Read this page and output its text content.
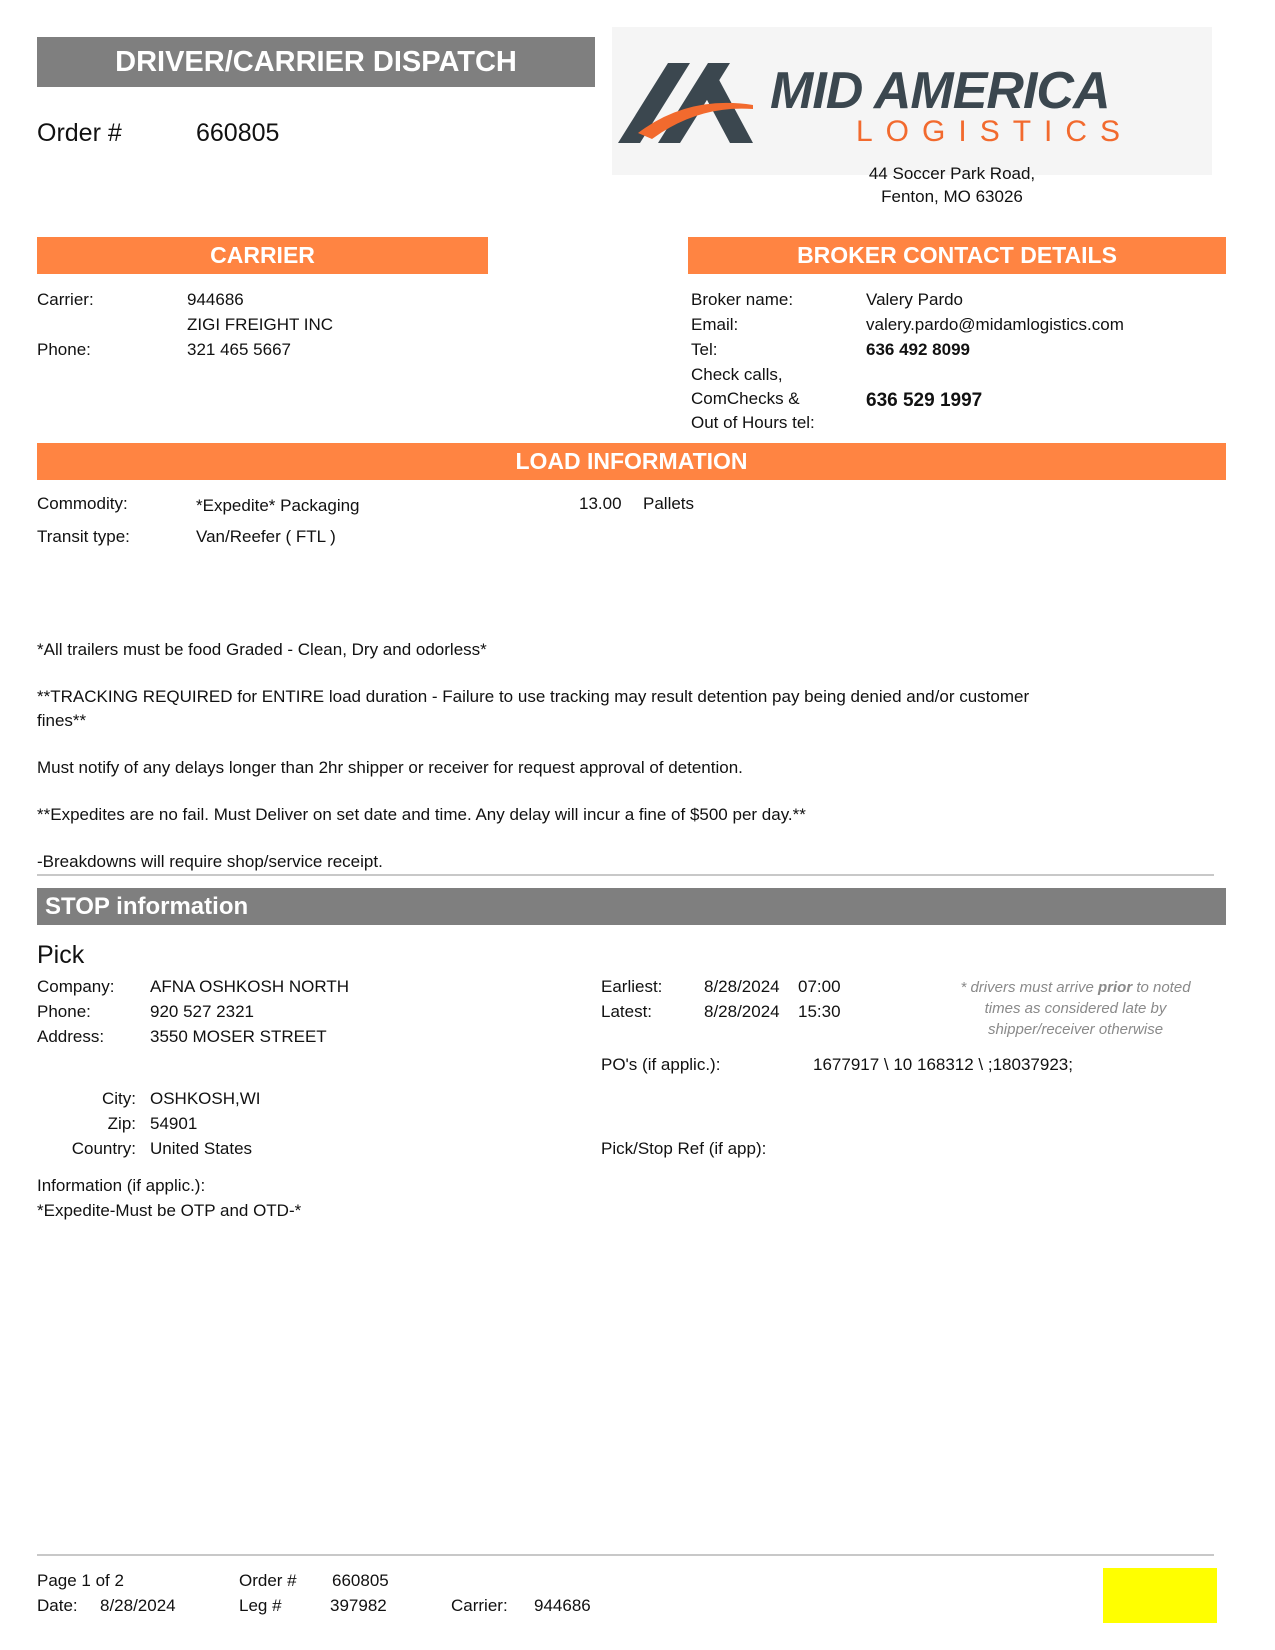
DRIVER/CARRIER DISPATCH
Order #	660805
MID AMERICA
LOGISTICS
44 Soccer Park Road,
Fenton, MO 63026
CARRIER
Carrier:	944686
ZIGI FREIGHT INC
Phone:	321 465 5667
BROKER CONTACT DETAILS
Broker name:	Valery Pardo
Email:	valery.pardo@midamlogistics.com
Tel:	636 492 8099
Check calls,
ComChecks &
Out of Hours tel:
636 529 1997
LOAD INFORMATION
Commodity:	*Expedite* Packaging	13.00 Pallets
Transit type:	Van/Reefer ( FTL )
*All trailers must be food Graded - Clean, Dry and odorless*
**TRACKING REQUIRED for ENTIRE load duration - Failure to use tracking may result detention pay being denied and/or customer fines**
Must notify of any delays longer than 2hr shipper or receiver for request approval of detention.
**Expedites are no fail. Must Deliver on set date and time. Any delay will incur a fine of $500 per day.**
-Breakdowns will require shop/service receipt.
STOP information
Pick
Company: AFNA OSHKOSH NORTH
Phone:	920 527 2321
Address:	3550 MOSER STREET
City: OSHKOSH,WI
Zip: 54901
Country: United States
Earliest: 8/28/2024 07:00
Latest:	8/28/2024 15:30
* drivers must arrive prior to noted times as considered late by shipper/receiver otherwise
PO's (if applic.):	1677917 \ 10 168312 \ ;18037923;
Pick/Stop Ref (if app):
Information (if applic.):
*Expedite-Must be OTP and OTD-*
Page 1 of 2
Date: 8/28/2024
Order # 660805
Leg #	397982	Carrier: 944686
